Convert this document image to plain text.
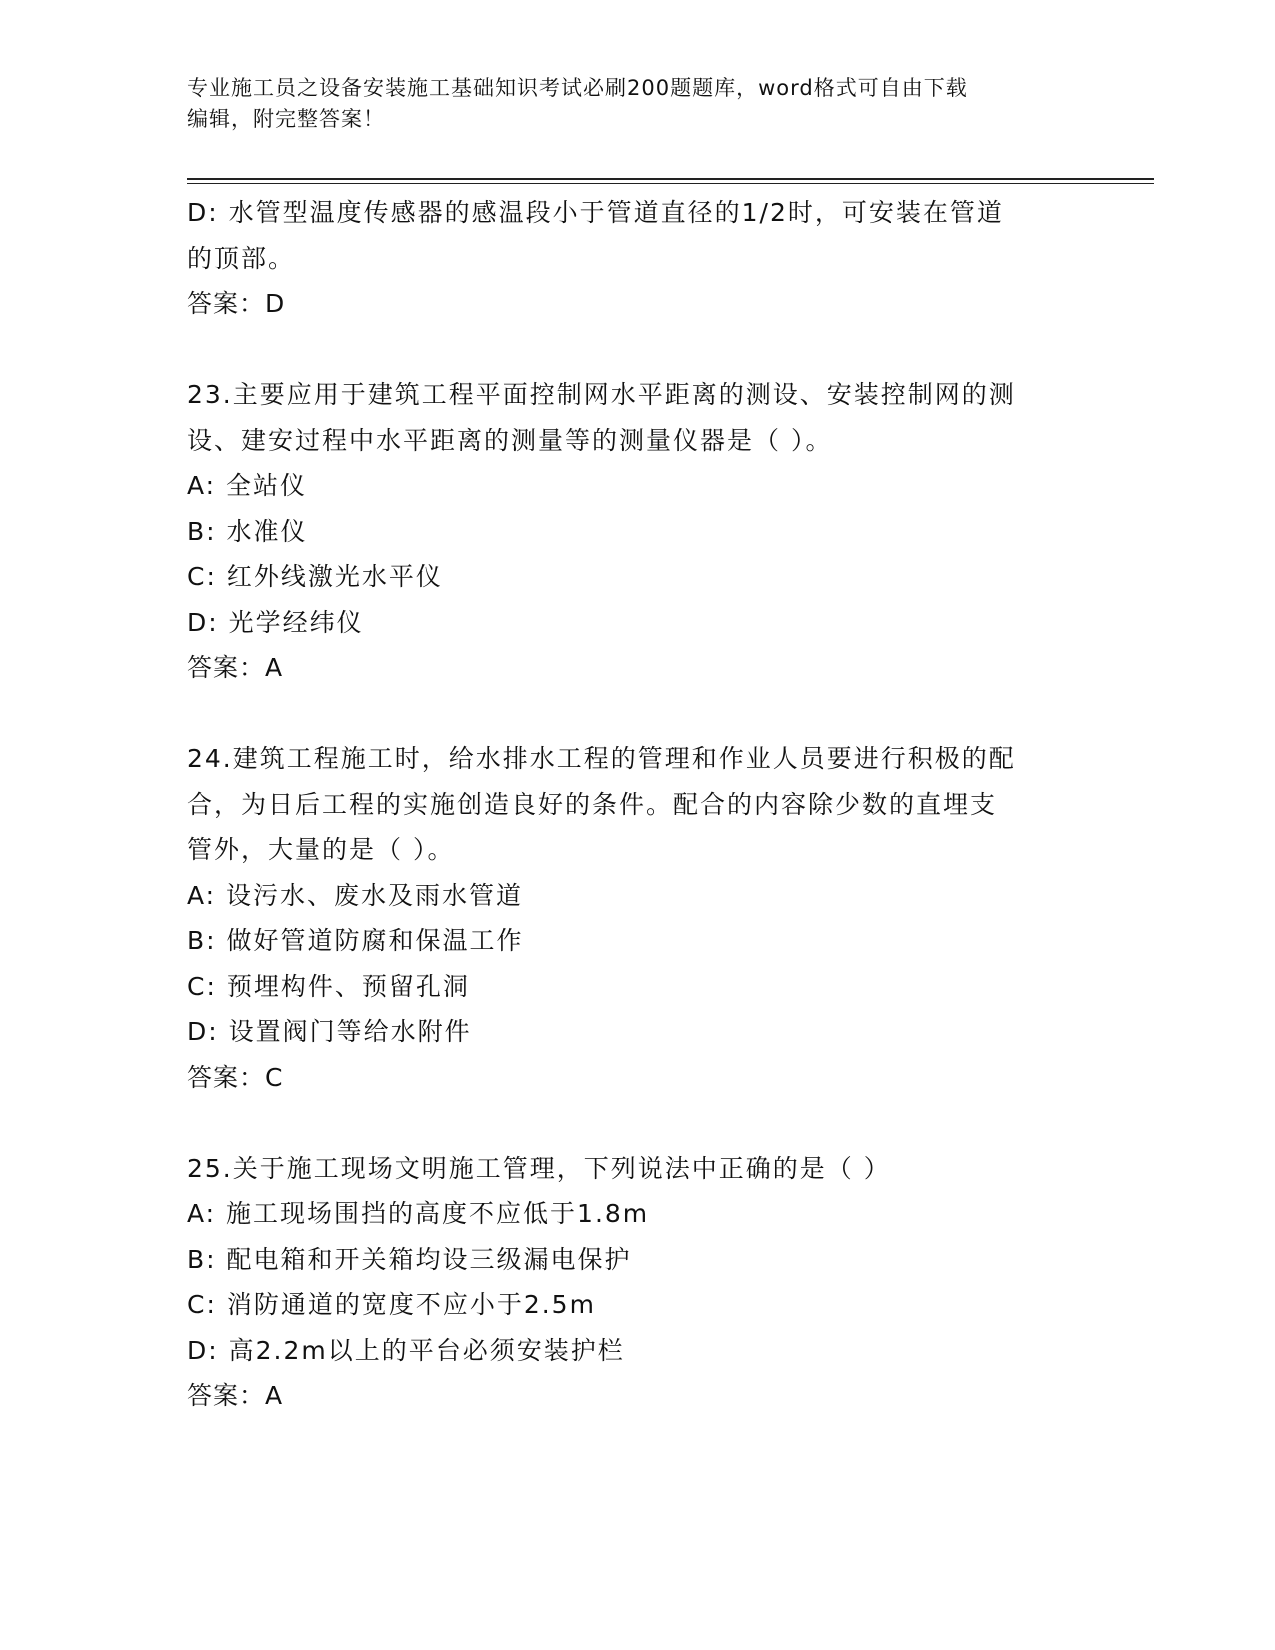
专业施工员之设备安装施工基础知识考试必刷200题题库，word格式可自由下载
编辑，附完整答案！
D: 水管型温度传感器的感温段小于管道直径的1/2时，可安装在管道
的顶部。
答案：D
23.主要应用于建筑工程平面控制网水平距离的测设、安装控制网的测
设、建安过程中水平距离的测量等的测量仪器是（ ）。
A: 全站仪
B: 水准仪
C: 红外线激光水平仪
D: 光学经纬仪
答案：A
24.建筑工程施工时，给水排水工程的管理和作业人员要进行积极的配
合，为日后工程的实施创造良好的条件。配合的内容除少数的直埋支
管外，大量的是（ ）。
A: 设污水、废水及雨水管道
B: 做好管道防腐和保温工作
C: 预埋构件、预留孔洞
D: 设置阀门等给水附件
答案：C
25.关于施工现场文明施工管理，下列说法中正确的是（ ）
A: 施工现场围挡的高度不应低于1.8m
B: 配电箱和开关箱均设三级漏电保护
C: 消防通道的宽度不应小于2.5m
D: 高2.2m以上的平台必须安装护栏
答案：A
